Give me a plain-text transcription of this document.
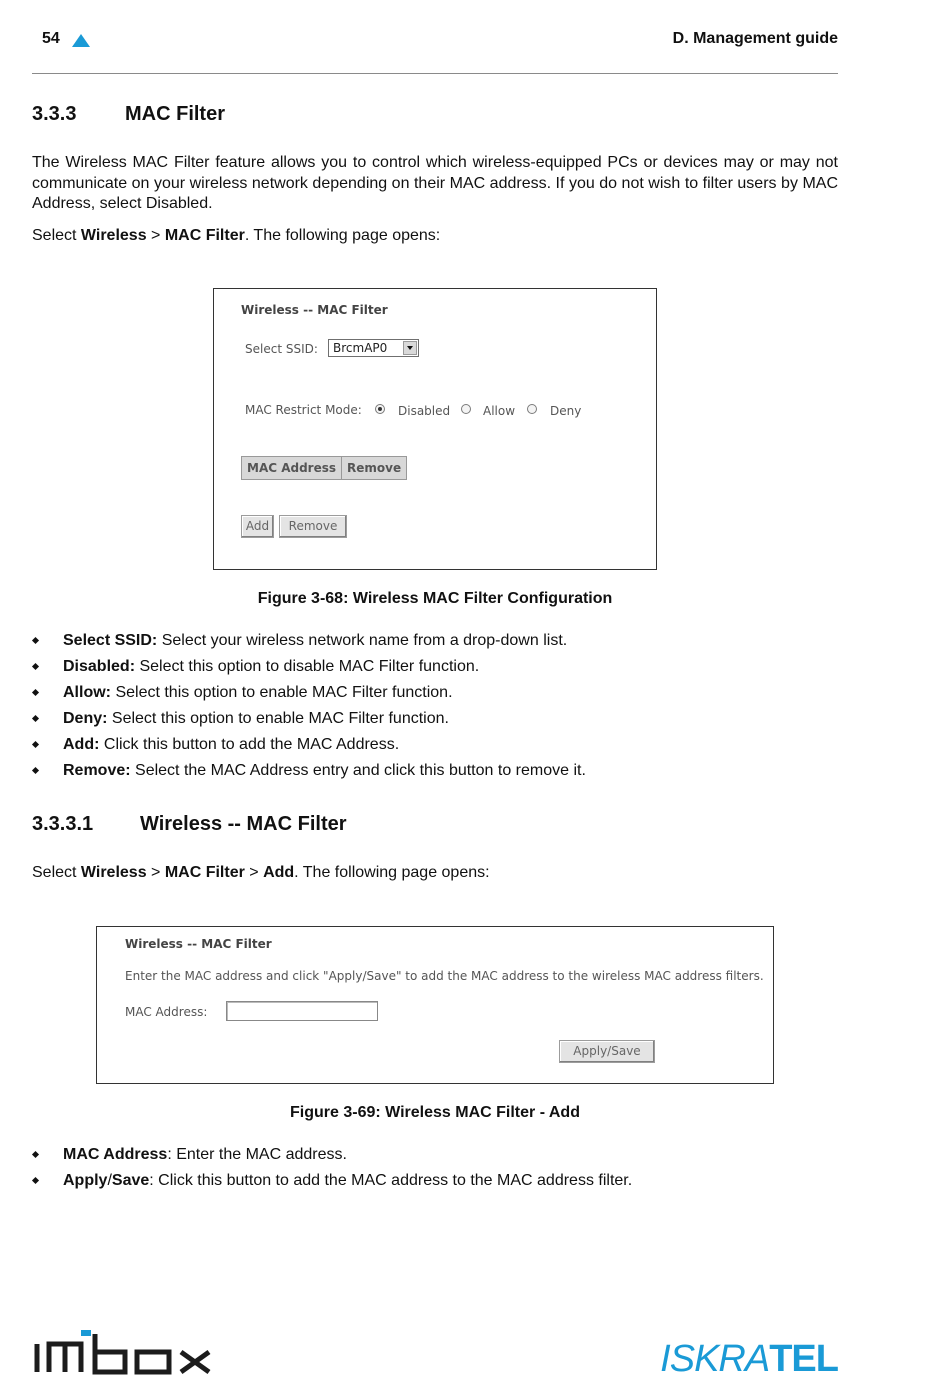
54	D. Management guide
3.3.3 MAC Filter
The Wireless MAC Filter feature allows you to control which wireless-equipped PCs or devices may or may not communicate on your wireless network depending on their MAC address. If you do not wish to filter users by MAC Address, select Disabled.
Select Wireless > MAC Filter. The following page opens:
Wireless -- MAC Filter
Select SSID: BrcmAP0
MAC Restrict Mode:	Disabled	Allow	Deny
MAC Address Remove
Add	Remove
Figure 3-68: Wireless MAC Filter Configuration
Select SSID: Select your wireless network name from a drop-down list.
Disabled: Select this option to disable MAC Filter function.
Allow: Select this option to enable MAC Filter function.
Deny: Select this option to enable MAC Filter function.
Add: Click this button to add the MAC Address.
Remove: Select the MAC Address entry and click this button to remove it.
3.3.3.1 Wireless -- MAC Filter
Select Wireless > MAC Filter > Add. The following page opens:
Wireless -- MAC Filter
Enter the MAC address and click "Apply/Save" to add the MAC address to the wireless MAC address filters.
MAC Address:
Apply/Save
Figure 3-69: Wireless MAC Filter - Add
MAC Address: Enter the MAC address.
Apply/Save: Click this button to add the MAC address to the MAC address filter.
ISKRATEL
